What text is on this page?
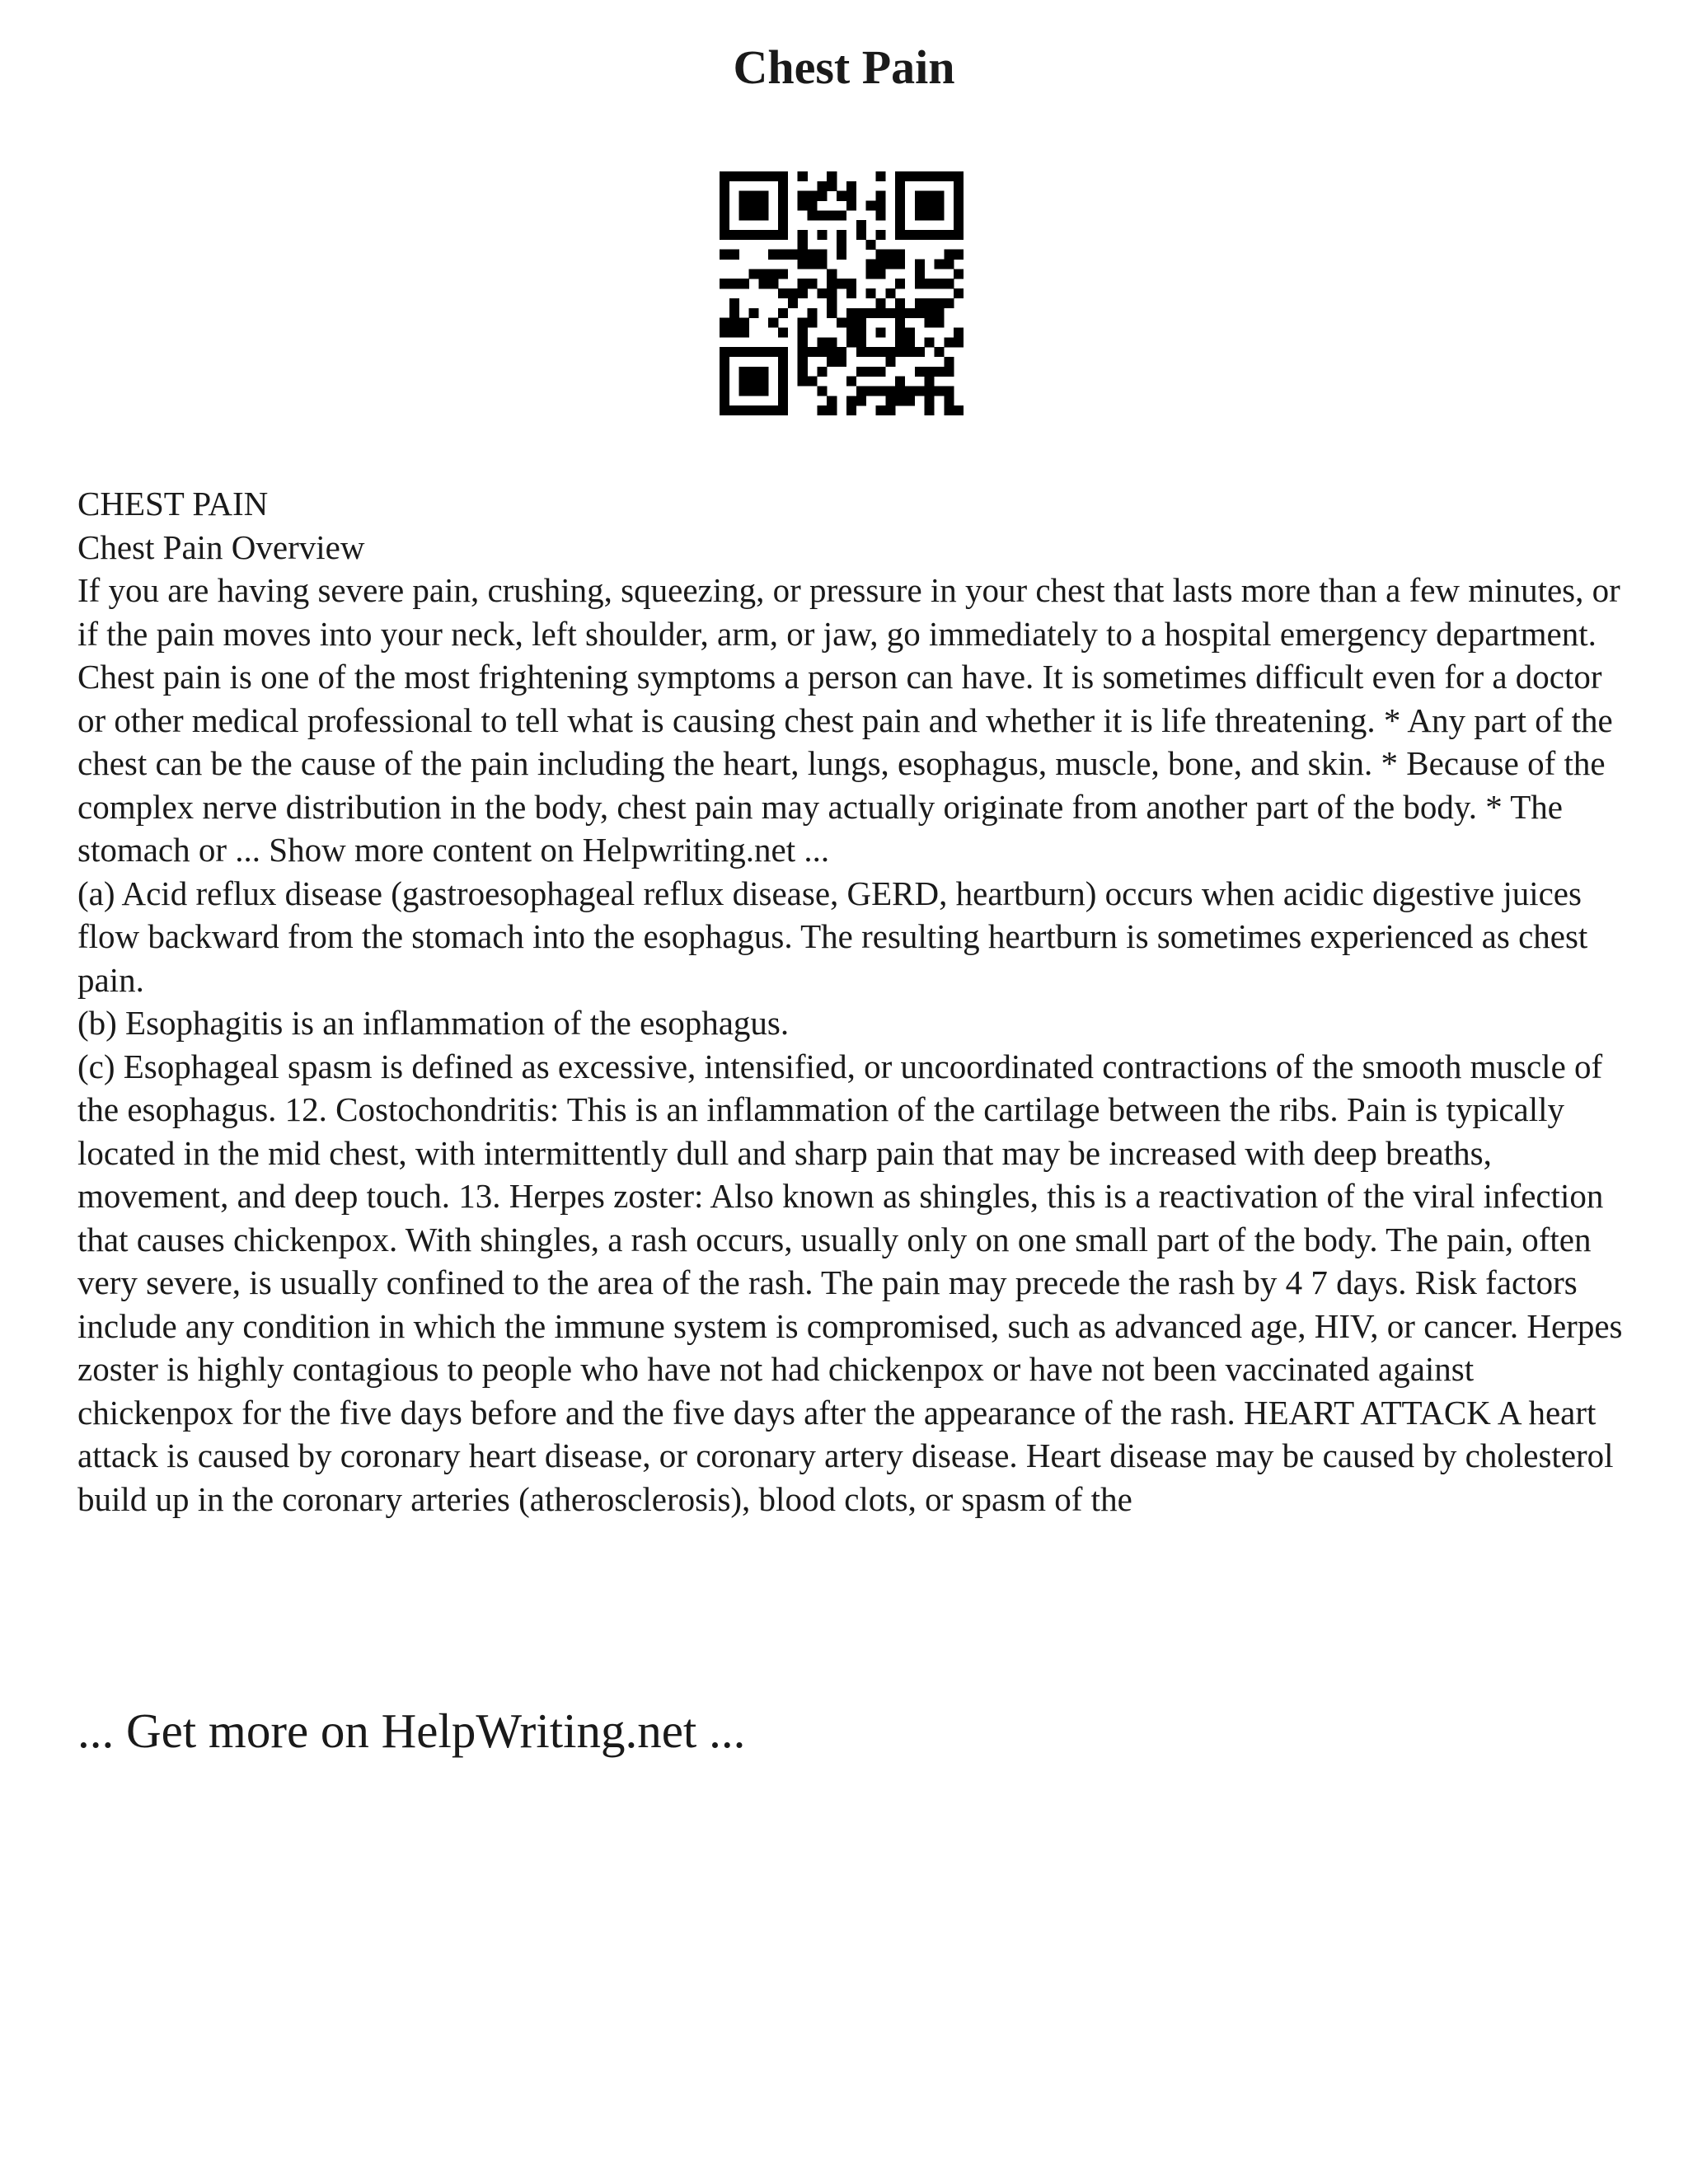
Chest Pain

CHEST PAIN

Chest Pain Overview

If you are having severe pain, crushing, squeezing, or pressure in your chest that lasts more than a few minutes, or if the pain moves into your neck, left shoulder, arm, or jaw, go immediately to a hospital emergency department.

Chest pain is one of the most frightening symptoms a person can have. It is sometimes difficult even for a doctor or other medical professional to tell what is causing chest pain and whether it is life threatening. * Any part of the chest can be the cause of the pain including the heart, lungs, esophagus, muscle, bone, and skin. * Because of the complex nerve distribution in the body, chest pain may actually originate from another part of the body. * The stomach or ... Show more content on Helpwriting.net ...

(a) Acid reflux disease (gastroesophageal reflux disease, GERD, heartburn) occurs when acidic digestive juices flow backward from the stomach into the esophagus. The resulting heartburn is sometimes experienced as chest pain.

(b) Esophagitis is an inflammation of the esophagus.

(c) Esophageal spasm is defined as excessive, intensified, or uncoordinated contractions of the smooth muscle of the esophagus. 12. Costochondritis: This is an inflammation of the cartilage between the ribs. Pain is typically located in the mid chest, with intermittently dull and sharp pain that may be increased with deep breaths, movement, and deep touch. 13. Herpes zoster: Also known as shingles, this is a reactivation of the viral infection that causes chickenpox. With shingles, a rash occurs, usually only on one small part of the body. The pain, often very severe, is usually confined to the area of the rash. The pain may precede the rash by 4 7 days. Risk factors include any condition in which the immune system is compromised, such as advanced age, HIV, or cancer. Herpes zoster is highly contagious to people who have not had chickenpox or have not been vaccinated against chickenpox for the five days before and the five days after the appearance of the rash. HEART ATTACK A heart attack is caused by coronary heart disease, or coronary artery disease. Heart disease may be caused by cholesterol build up in the coronary arteries (atherosclerosis), blood clots, or spasm of the

... Get more on HelpWriting.net ...
